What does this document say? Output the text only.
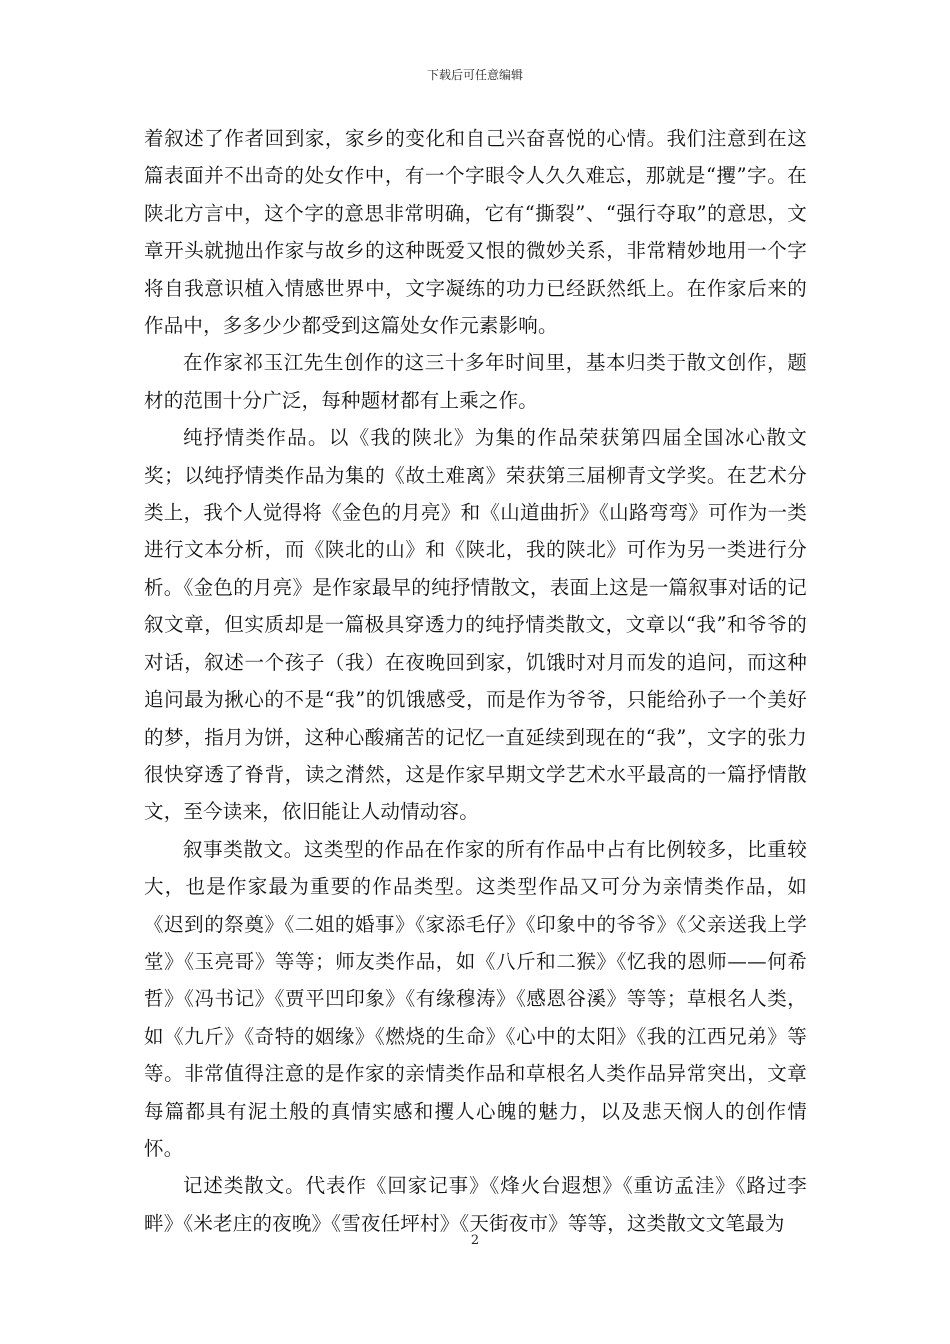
下载后可任意编辑

着叙述了作者回到家，家乡的变化和自己兴奋喜悦的心情。我们注意到在这篇表面并不出奇的处女作中，有一个字眼令人久久难忘，那就是“攫”字。在陕北方言中，这个字的意思非常明确，它有“撕裂”、“强行夺取”的意思，文章开头就抛出作家与故乡的这种既爱又恨的微妙关系，非常精妙地用一个字将自我意识植入情感世界中，文字凝练的功力已经跃然纸上。在作家后来的作品中，多多少少都受到这篇处女作元素影响。

在作家祁玉江先生创作的这三十多年时间里，基本归类于散文创作，题材的范围十分广泛，每种题材都有上乘之作。

纯抒情类作品。以《我的陕北》为集的作品荣获第四届全国冰心散文奖；以纯抒情类作品为集的《故土难离》荣获第三届柳青文学奖。在艺术分类上，我个人觉得将《金色的月亮》和《山道曲折》《山路弯弯》可作为一类进行文本分析，而《陕北的山》和《陕北，我的陕北》可作为另一类进行分析。《金色的月亮》是作家最早的纯抒情散文，表面上这是一篇叙事对话的记叙文章，但实质却是一篇极具穿透力的纯抒情类散文，文章以“我”和爷爷的对话，叙述一个孩子（我）在夜晚回到家，饥饿时对月而发的追问，而这种追问最为揪心的不是“我”的饥饿感受，而是作为爷爷，只能给孙子一个美好的梦，指月为饼，这种心酸痛苦的记忆一直延续到现在的“我”，文字的张力很快穿透了脊背，读之潸然，这是作家早期文学艺术水平最高的一篇抒情散文，至今读来，依旧能让人动情动容。

叙事类散文。这类型的作品在作家的所有作品中占有比例较多，比重较大，也是作家最为重要的作品类型。这类型作品又可分为亲情类作品，如《迟到的祭奠》《二姐的婚事》《家添毛仔》《印象中的爷爷》《父亲送我上学堂》《玉亮哥》等等；师友类作品，如《八斤和二猴》《忆我的恩师——何希哲》《冯书记》《贾平凹印象》《有缘穆涛》《感恩谷溪》等等；草根名人类，如《九斤》《奇特的姻缘》《燃烧的生命》《心中的太阳》《我的江西兄弟》等等。非常值得注意的是作家的亲情类作品和草根名人类作品异常突出，文章每篇都具有泥土般的真情实感和攫人心魄的魅力，以及悲天悯人的创作情怀。

记述类散文。代表作《回家记事》《烽火台遐想》《重访孟洼》《路过李畔》《米老庄的夜晚》《雪夜任坪村》《天街夜市》等等，这类散文文笔最为

2
